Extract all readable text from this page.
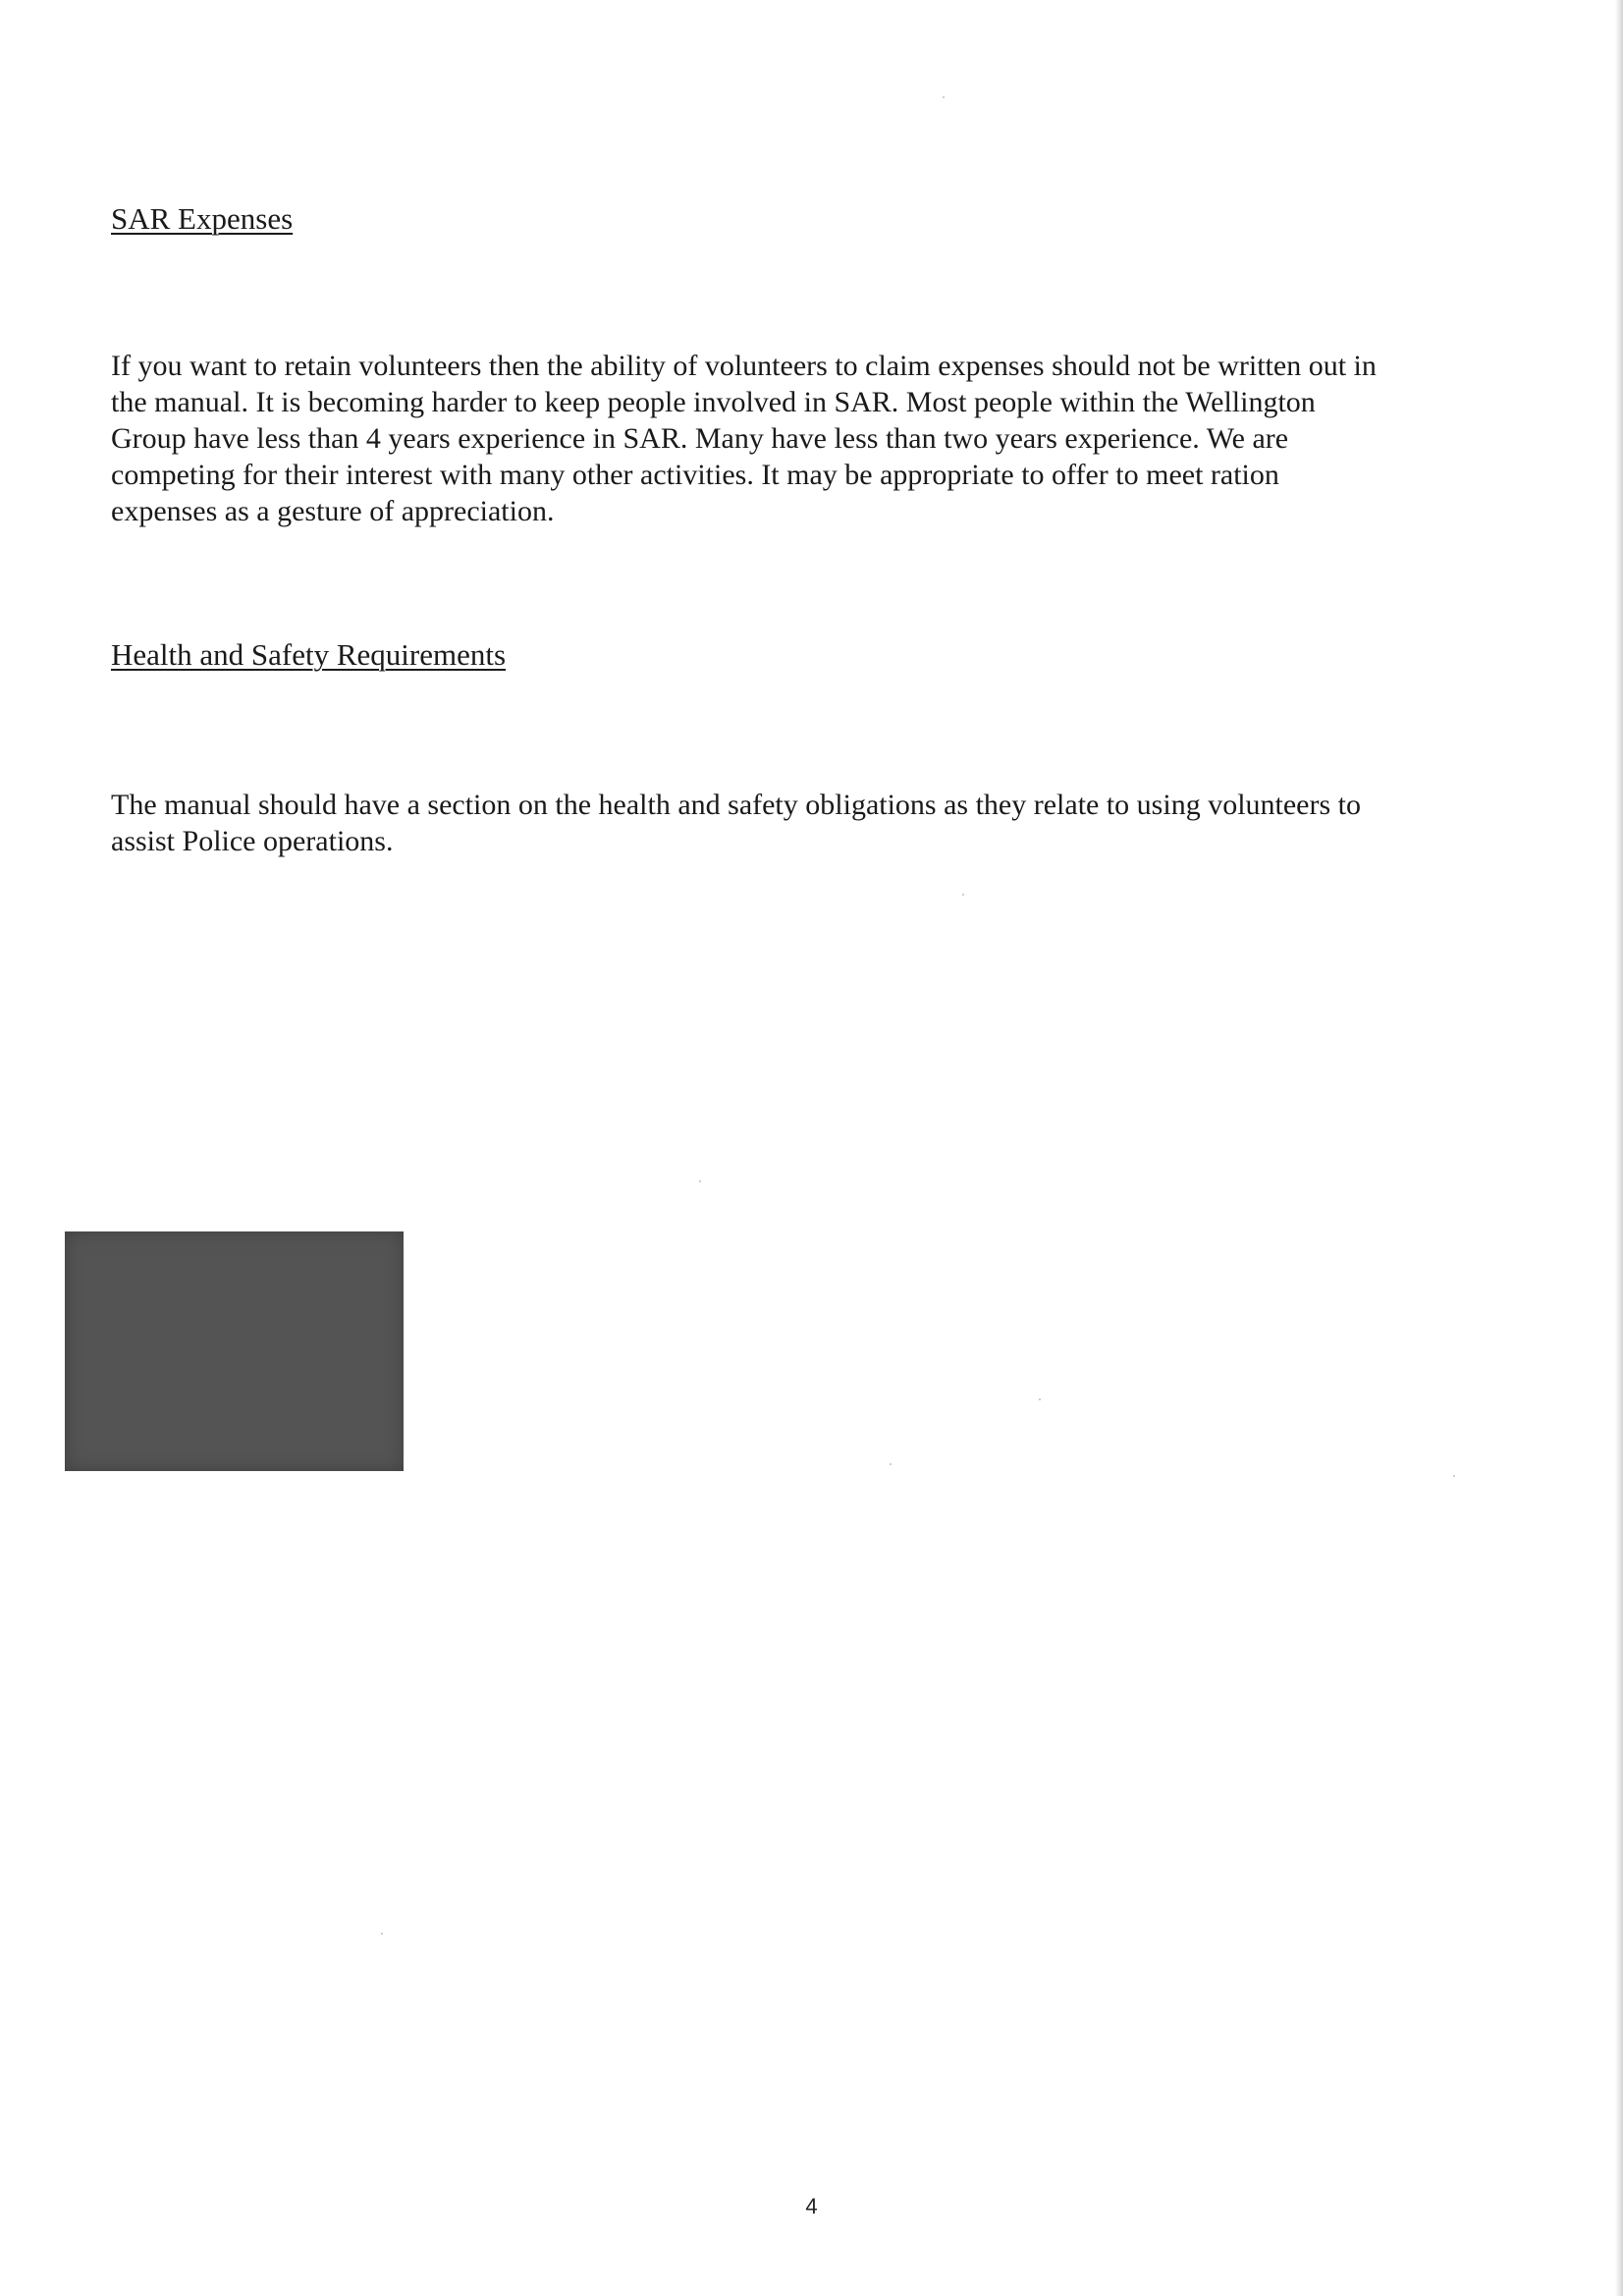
SAR Expenses

If you want to retain volunteers then the ability of volunteers to claim expenses should not be written out in
the manual. It is becoming harder to keep people involved in SAR. Most people within the Wellington
Group have less than 4 years experience in SAR. Many have less than two years experience. We are
competing for their interest with many other activities. It may be appropriate to offer to meet ration
expenses as a gesture of appreciation.

Health and Safety Requirements

The manual should have a section on the health and safety obligations as they relate to using volunteers to
assist Police operations.

4
